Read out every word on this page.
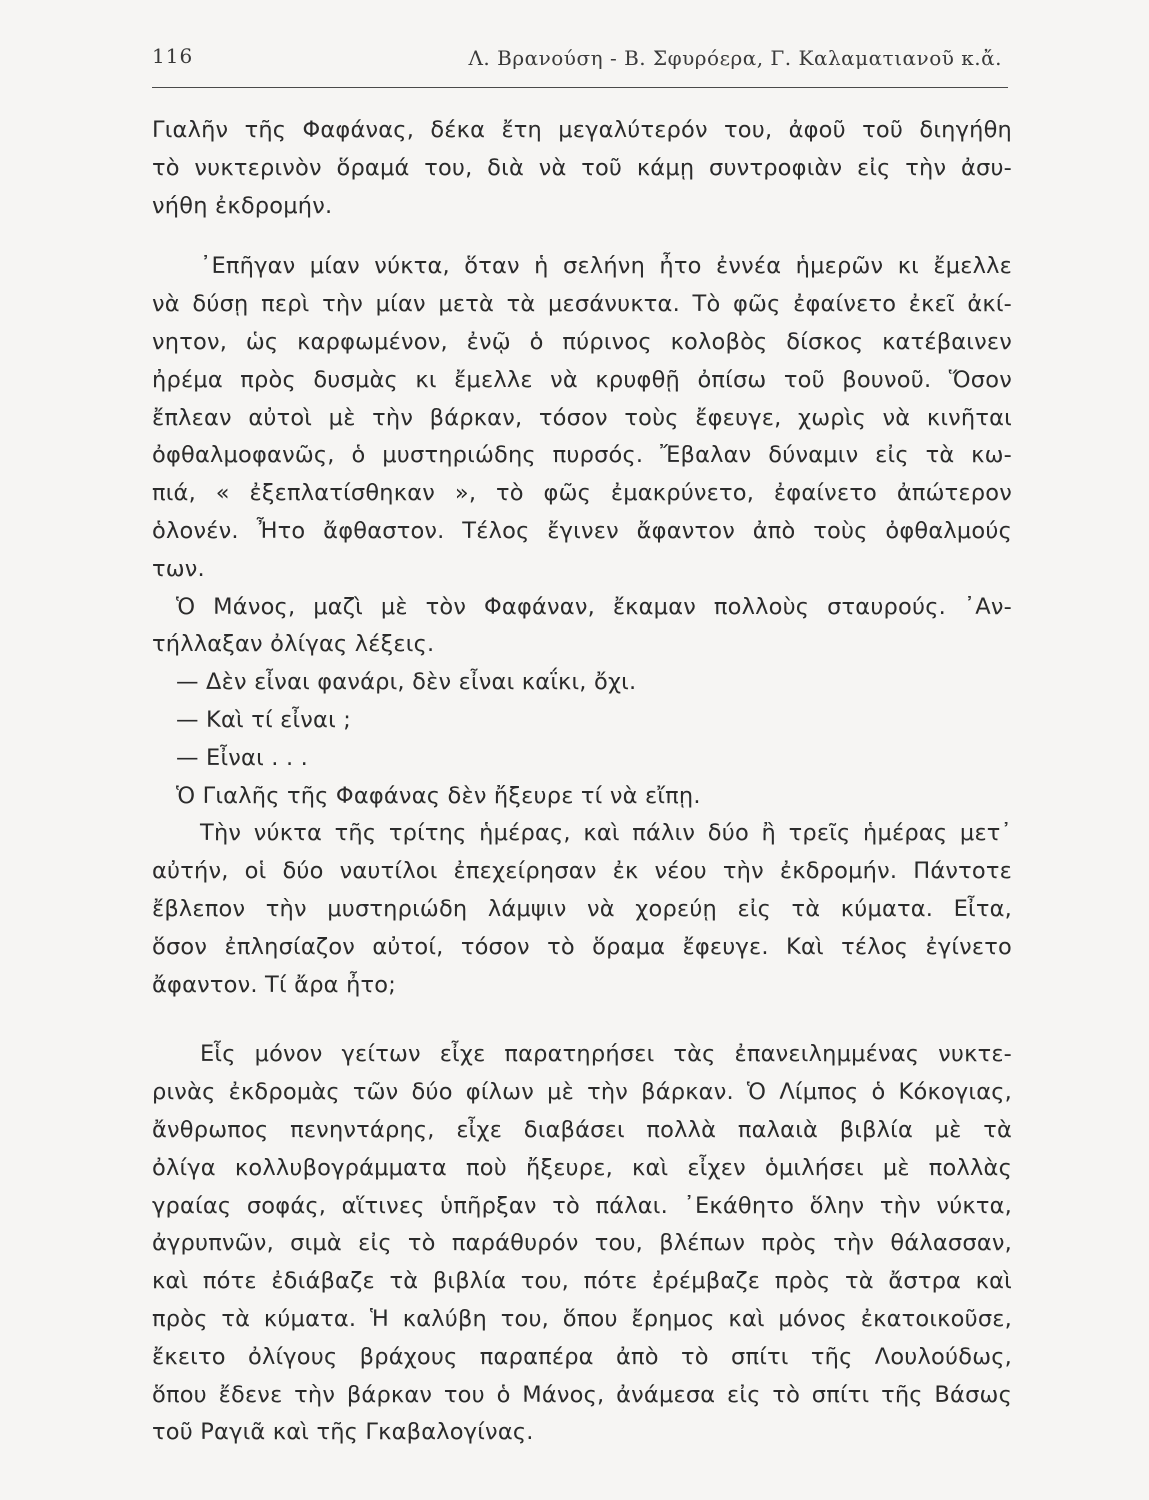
116	Λ. Βρανούση - Β. Σφυρόερα, Γ. Καλαματιανοῦ κ.ἄ.
Γιαλῆν τῆς Φαφάνας, δέκα ἔτη μεγαλύτερόν του, ἀφοῦ τοῦ διηγήθη
τὸ νυκτερινὸν ὅραμά του, διὰ νὰ τοῦ κάμῃ συντροφιὰν εἰς τὴν ἀσυ-
νήθη ἐκδρομήν.
᾿Επῆγαν μίαν νύκτα, ὅταν ἡ σελήνη ἦτο ἐννέα ἡμερῶν κι ἔμελλε
νὰ δύσῃ περὶ τὴν μίαν μετὰ τὰ μεσάνυκτα. Τὸ φῶς ἐφαίνετο ἐκεῖ ἀκί-
νητον, ὡς καρφωμένον, ἐνῷ ὁ πύρινος κολοβὸς δίσκος κατέβαινεν
ἠρέμα πρὸς δυσμὰς κι ἔμελλε νὰ κρυφθῇ ὀπίσω τοῦ βουνοῦ. Ὅσον
ἔπλεαν αὐτοὶ μὲ τὴν βάρκαν, τόσον τοὺς ἔφευγε, χωρὶς νὰ κινῆται
ὀφθαλμοφανῶς, ὁ μυστηριώδης πυρσός. Ἔβαλαν δύναμιν εἰς τὰ κω-
πιά, « ἐξεπλατίσθηκαν », τὸ φῶς ἐμακρύνετο, ἐφαίνετο ἀπώτερον
ὁλονέν. Ἦτο ἄφθαστον. Τέλος ἔγινεν ἄφαντον ἀπὸ τοὺς ὀφθαλμούς
των.
Ὁ Μάνος, μαζὶ μὲ τὸν Φαφάναν, ἔκαμαν πολλοὺς σταυρούς. ᾿Αν-
τήλλαξαν ὀλίγας λέξεις.
— Δὲν εἶναι φανάρι, δὲν εἶναι καΐκι, ὄχι.
— Καὶ τί εἶναι ;
— Εἶναι . . .
Ὁ Γιαλῆς τῆς Φαφάνας δὲν ἤξευρε τί νὰ εἴπῃ.
Τὴν νύκτα τῆς τρίτης ἡμέρας, καὶ πάλιν δύο ἢ τρεῖς ἡμέρας μετ᾿
αὐτήν, οἱ δύο ναυτίλοι ἐπεχείρησαν ἐκ νέου τὴν ἐκδρομήν. Πάντοτε
ἔβλεπον τὴν μυστηριώδη λάμψιν νὰ χορεύῃ εἰς τὰ κύματα. Εἶτα,
ὅσον ἐπλησίαζον αὐτοί, τόσον τὸ ὅραμα ἔφευγε. Καὶ τέλος ἐγίνετο
ἄφαντον. Τί ἄρα ἦτο;
Εἷς μόνον γείτων εἶχε παρατηρήσει τὰς ἐπανειλημμένας νυκτε-
ρινὰς ἐκδρομὰς τῶν δύο φίλων μὲ τὴν βάρκαν. Ὁ Λίμπος ὁ Κόκογιας,
ἄνθρωπος πενηντάρης, εἶχε διαβάσει πολλὰ παλαιὰ βιβλία μὲ τὰ
ὀλίγα κολλυβογράμματα ποὺ ἤξευρε, καὶ εἶχεν ὁμιλήσει μὲ πολλὰς
γραίας σοφάς, αἵτινες ὑπῆρξαν τὸ πάλαι. ᾿Εκάθητο ὅλην τὴν νύκτα,
ἀγρυπνῶν, σιμὰ εἰς τὸ παράθυρόν του, βλέπων πρὸς τὴν θάλασσαν,
καὶ πότε ἐδιάβαζε τὰ βιβλία του, πότε ἐρέμβαζε πρὸς τὰ ἄστρα καὶ
πρὸς τὰ κύματα. Ἡ καλύβη του, ὅπου ἔρημος καὶ μόνος ἐκατοικοῦσε,
ἔκειτο ὀλίγους βράχους παραπέρα ἀπὸ τὸ σπίτι τῆς Λουλούδως,
ὅπου ἔδενε τὴν βάρκαν του ὁ Μάνος, ἀνάμεσα εἰς τὸ σπίτι τῆς Βάσως
τοῦ Ραγιᾶ καὶ τῆς Γκαβαλογίνας.
